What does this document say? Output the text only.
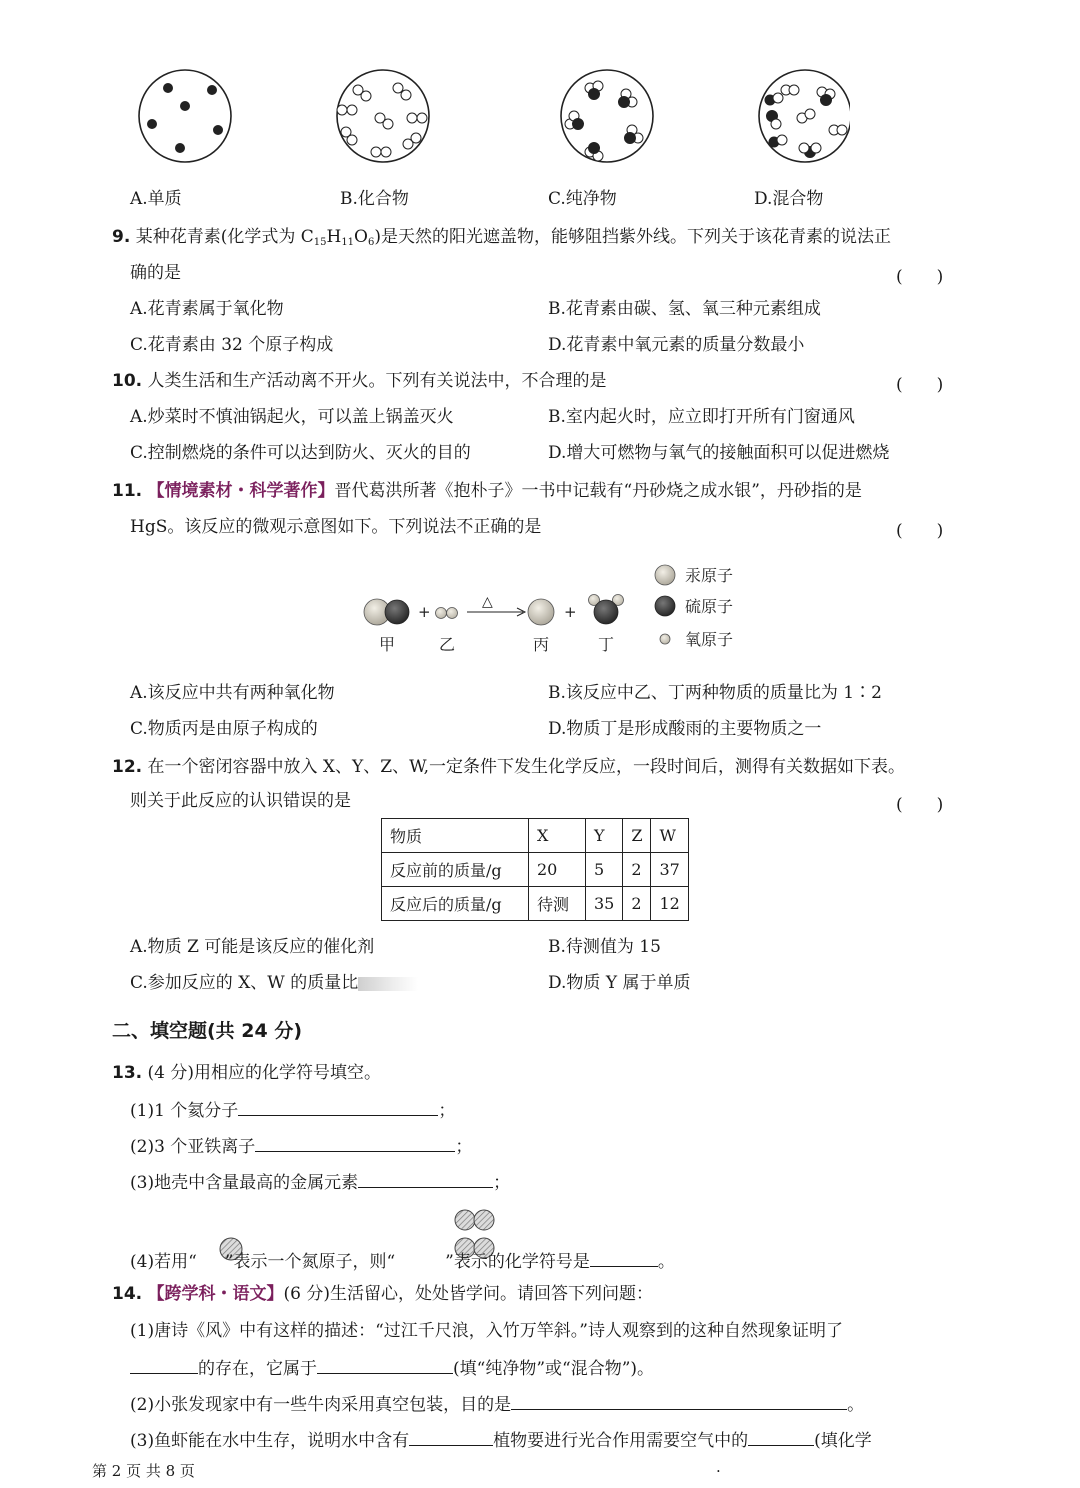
A.单质	B.化合物	C.纯净物	D.混合物
9. 某种花青素(化学式为 $C_{15}H_{11}O_6$)是天然的阳光遮盖物，能够阻挡紫外线。下列关于该花青素的说法正
确的是	(　　)
A.花青素属于氧化物	B.花青素由碳、氢、氧三种元素组成
C.花青素由 32 个原子构成	D.花青素中氧元素的质量分数最小
10. 人类生活和生产活动离不开火。下列有关说法中，不合理的是	(　　)
A.炒菜时不慎油锅起火，可以盖上锅盖灭火	B.室内起火时，应立即打开所有门窗通风
C.控制燃烧的条件可以达到防火、灭火的目的	D.增大可燃物与氧气的接触面积可以促进燃烧
11. 【情境素材・科学著作】晋代葛洪所著《抱朴子》一书中记载有“丹砂烧之成水银”，丹砂指的是
HgS。该反应的微观示意图如下。下列说法不正确的是	(　　)
+
△
+
甲	乙	丙	丁
汞原子
硫原子
氧原子
A.该反应中共有两种氧化物	B.该反应中乙、丁两种物质的质量比为 1∶2
C.物质丙是由原子构成的	D.物质丁是形成酸雨的主要物质之一
12. 在一个密闭容器中放入 X、Y、Z、W,一定条件下发生化学反应，一段时间后，测得有关数据如下表。
则关于此反应的认识错误的是	(　　)
物质	X	Y	Z	W
反应前的质量/g	20	5	2	37
反应后的质量/g	待测	35	2	12
A.物质 Z 可能是该反应的催化剂	B.待测值为 15
C.参加反应的 X、W 的质量比	D.物质 Y 属于单质
二、填空题(共 24 分)
13. (4 分)用相应的化学符号填空。
(1)1 个氦分子	；
(2)3 个亚铁离子	；
(3)地壳中含量最高的金属元素	；
(4)若用“ ”表示一个氮原子，则“	”表示的化学符号是	。
14. 【跨学科・语文】(6 分)生活留心，处处皆学问。请回答下列问题：
(1)唐诗《风》中有这样的描述：“过江千尺浪，入竹万竿斜。”诗人观察到的这种自然现象证明了
的存在，它属于	(填“纯净物”或“混合物”)。
(2)小张发现家中有一些牛肉采用真空包装，目的是	。
(3)鱼虾能在水中生存，说明水中含有	植物要进行光合作用需要空气中的	(填化学
第 2 页 共 8 页	.
